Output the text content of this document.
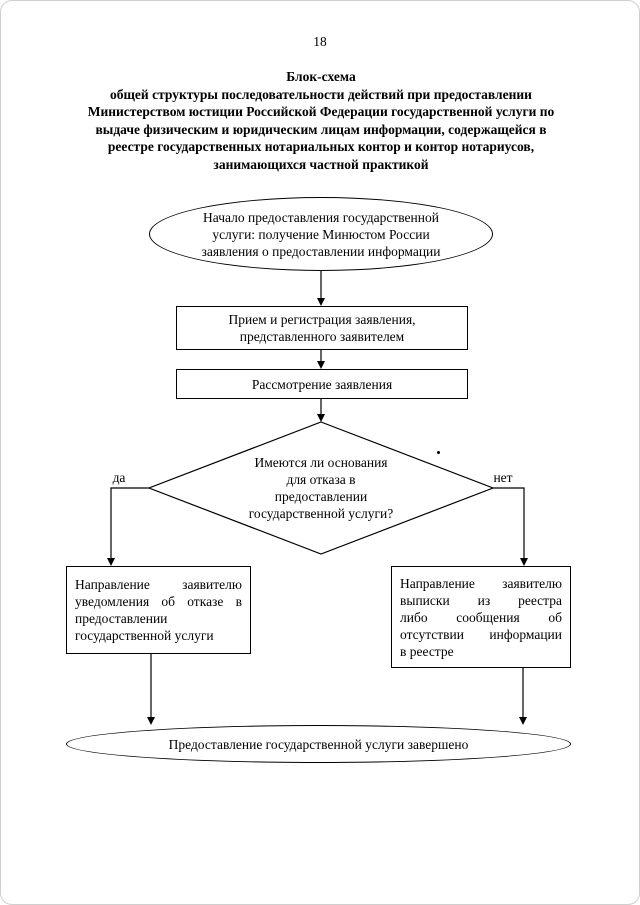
18
Блок-схема
общей структуры последовательности действий при предоставлении
Министерством юстиции Российской Федерации государственной услуги по
выдаче физическим и юридическим лицам информации, содержащейся в
реестре государственных нотариальных контор и контор нотариусов,
занимающихся частной практикой
Начало предоставления государственной
услуги: получение Минюстом России
заявления о предоставлении информации
Прием и регистрация заявления,
представленного заявителем
Рассмотрение заявления
Имеются ли основания
для отказа в
предоставлении
государственной услуги?
да	нет
Направление заявителю
уведомления об отказе в
предоставлении
государственной услуги
Направление заявителю
выписки из реестра
либо сообщения об
отсутствии информации
в реестре
Предоставление государственной услуги завершено
